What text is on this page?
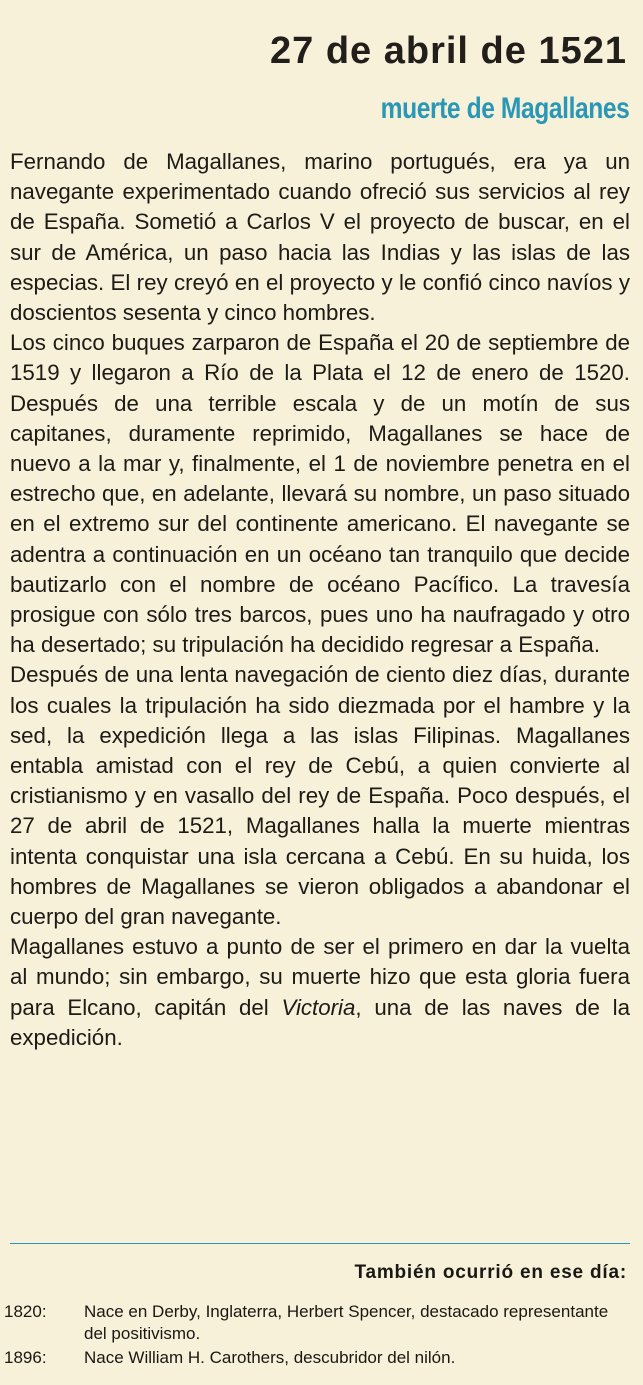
27 de abril de 1521
muerte de Magallanes

Fernando de Magallanes, marino portugués, era ya un navegante experimentado cuando ofreció sus servicios al rey de España. Sometió a Carlos V el proyecto de buscar, en el sur de América, un paso hacia las Indias y las islas de las especias. El rey creyó en el proyecto y le confió cinco navíos y doscientos sesenta y cinco hombres.

Los cinco buques zarparon de España el 20 de septiembre de 1519 y llegaron a Río de la Plata el 12 de enero de 1520. Después de una terrible escala y de un motín de sus capitanes, duramente reprimido, Magallanes se hace de nuevo a la mar y, finalmente, el 1 de noviembre penetra en el estrecho que, en adelante, llevará su nombre, un paso situado en el extremo sur del continente americano. El navegante se adentra a continuación en un océano tan tranquilo que decide bautizarlo con el nombre de océano Pacífico. La travesía prosigue con sólo tres barcos, pues uno ha naufragado y otro ha desertado; su tripulación ha decidido regresar a España.

Después de una lenta navegación de ciento diez días, durante los cuales la tripulación ha sido diezmada por el hambre y la sed, la expedición llega a las islas Filipinas. Magallanes entabla amistad con el rey de Cebú, a quien convierte al cristianismo y en vasallo del rey de España. Poco después, el 27 de abril de 1521, Magallanes halla la muerte mientras intenta conquistar una isla cercana a Cebú. En su huida, los hombres de Magallanes se vieron obligados a abandonar el cuerpo del gran navegante.

Magallanes estuvo a punto de ser el primero en dar la vuelta al mundo; sin embargo, su muerte hizo que esta gloria fuera para Elcano, capitán del Victoria, una de las naves de la expedición.

También ocurrió en ese día:
1820:	Nace en Derby, Inglaterra, Herbert Spencer, destacado representante del positivismo.
1896:	Nace William H. Carothers, descubridor del nilón.
